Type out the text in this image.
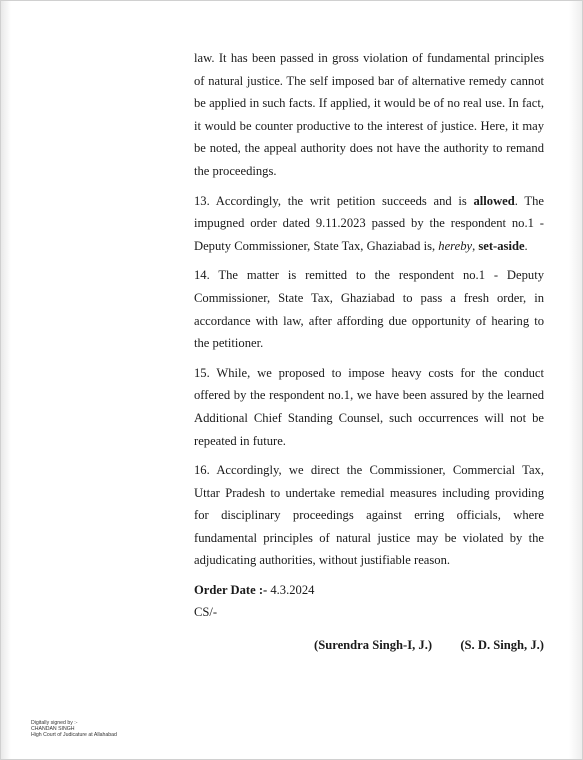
law. It has been passed in gross violation of fundamental principles of natural justice. The self imposed bar of alternative remedy cannot be applied in such facts. If applied, it would be of no real use. In fact, it would be counter productive to the interest of justice. Here, it may be noted, the appeal authority does not have the authority to remand the proceedings.

13. Accordingly, the writ petition succeeds and is allowed. The impugned order dated 9.11.2023 passed by the respondent no.1 - Deputy Commissioner, State Tax, Ghaziabad is, hereby, set-aside.

14. The matter is remitted to the respondent no.1 - Deputy Commissioner, State Tax, Ghaziabad to pass a fresh order, in accordance with law, after affording due opportunity of hearing to the petitioner.

15. While, we proposed to impose heavy costs for the conduct offered by the respondent no.1, we have been assured by the learned Additional Chief Standing Counsel, such occurrences will not be repeated in future.

16. Accordingly, we direct the Commissioner, Commercial Tax, Uttar Pradesh to undertake remedial measures including providing for disciplinary proceedings against erring officials, where fundamental principles of natural justice may be violated by the adjudicating authorities, without justifiable reason.

Order Date :- 4.3.2024
CS/-
(Surendra Singh-I, J.) (S. D. Singh, J.)
Digitally signed by :-
CHANDAN SINGH
High Court of Judicature at Allahabad
